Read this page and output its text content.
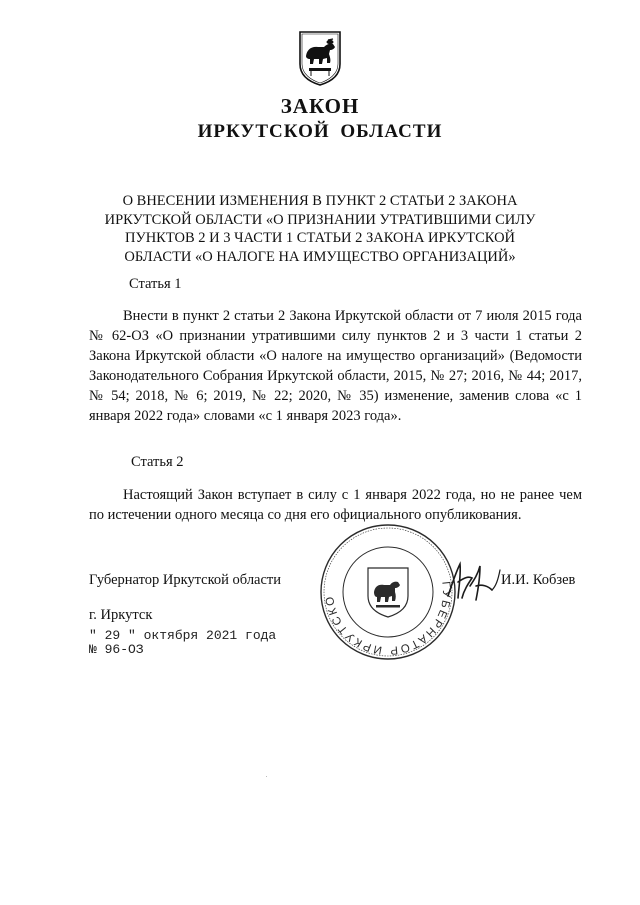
ЗАКОН
ИРКУТСКОЙ ОБЛАСТИ
О ВНЕСЕНИИ ИЗМЕНЕНИЯ В ПУНКТ 2 СТАТЬИ 2 ЗАКОНА
ИРКУТСКОЙ ОБЛАСТИ «О ПРИЗНАНИИ УТРАТИВШИМИ СИЛУ
ПУНКТОВ 2 И 3 ЧАСТИ 1 СТАТЬИ 2 ЗАКОНА ИРКУТСКОЙ
ОБЛАСТИ «О НАЛОГЕ НА ИМУЩЕСТВО ОРГАНИЗАЦИЙ»
Статья 1

Внести в пункт 2 статьи 2 Закона Иркутской области от 7 июля 2015 года № 62-ОЗ «О признании утратившими силу пунктов 2 и 3 части 1 статьи 2 Закона Иркутской области «О налоге на имущество организаций» (Ведомости Законодательного Собрания Иркутской области, 2015, № 27; 2016, № 44; 2017, № 54; 2018, № 6; 2019, № 22; 2020, № 35) изменение, заменив слова «с 1 января 2022 года» словами «с 1 января 2023 года».

Статья 2

Настоящий Закон вступает в силу с 1 января 2022 года, но не ранее чем по истечении одного месяца со дня его официального опубликования.

ГУБЕРНАТОР ИРКУТСКО
Губернатор Иркутской области	И.И. Кобзев
г. Иркутск
" 29 " октября 2021 года
№ 96-ОЗ
